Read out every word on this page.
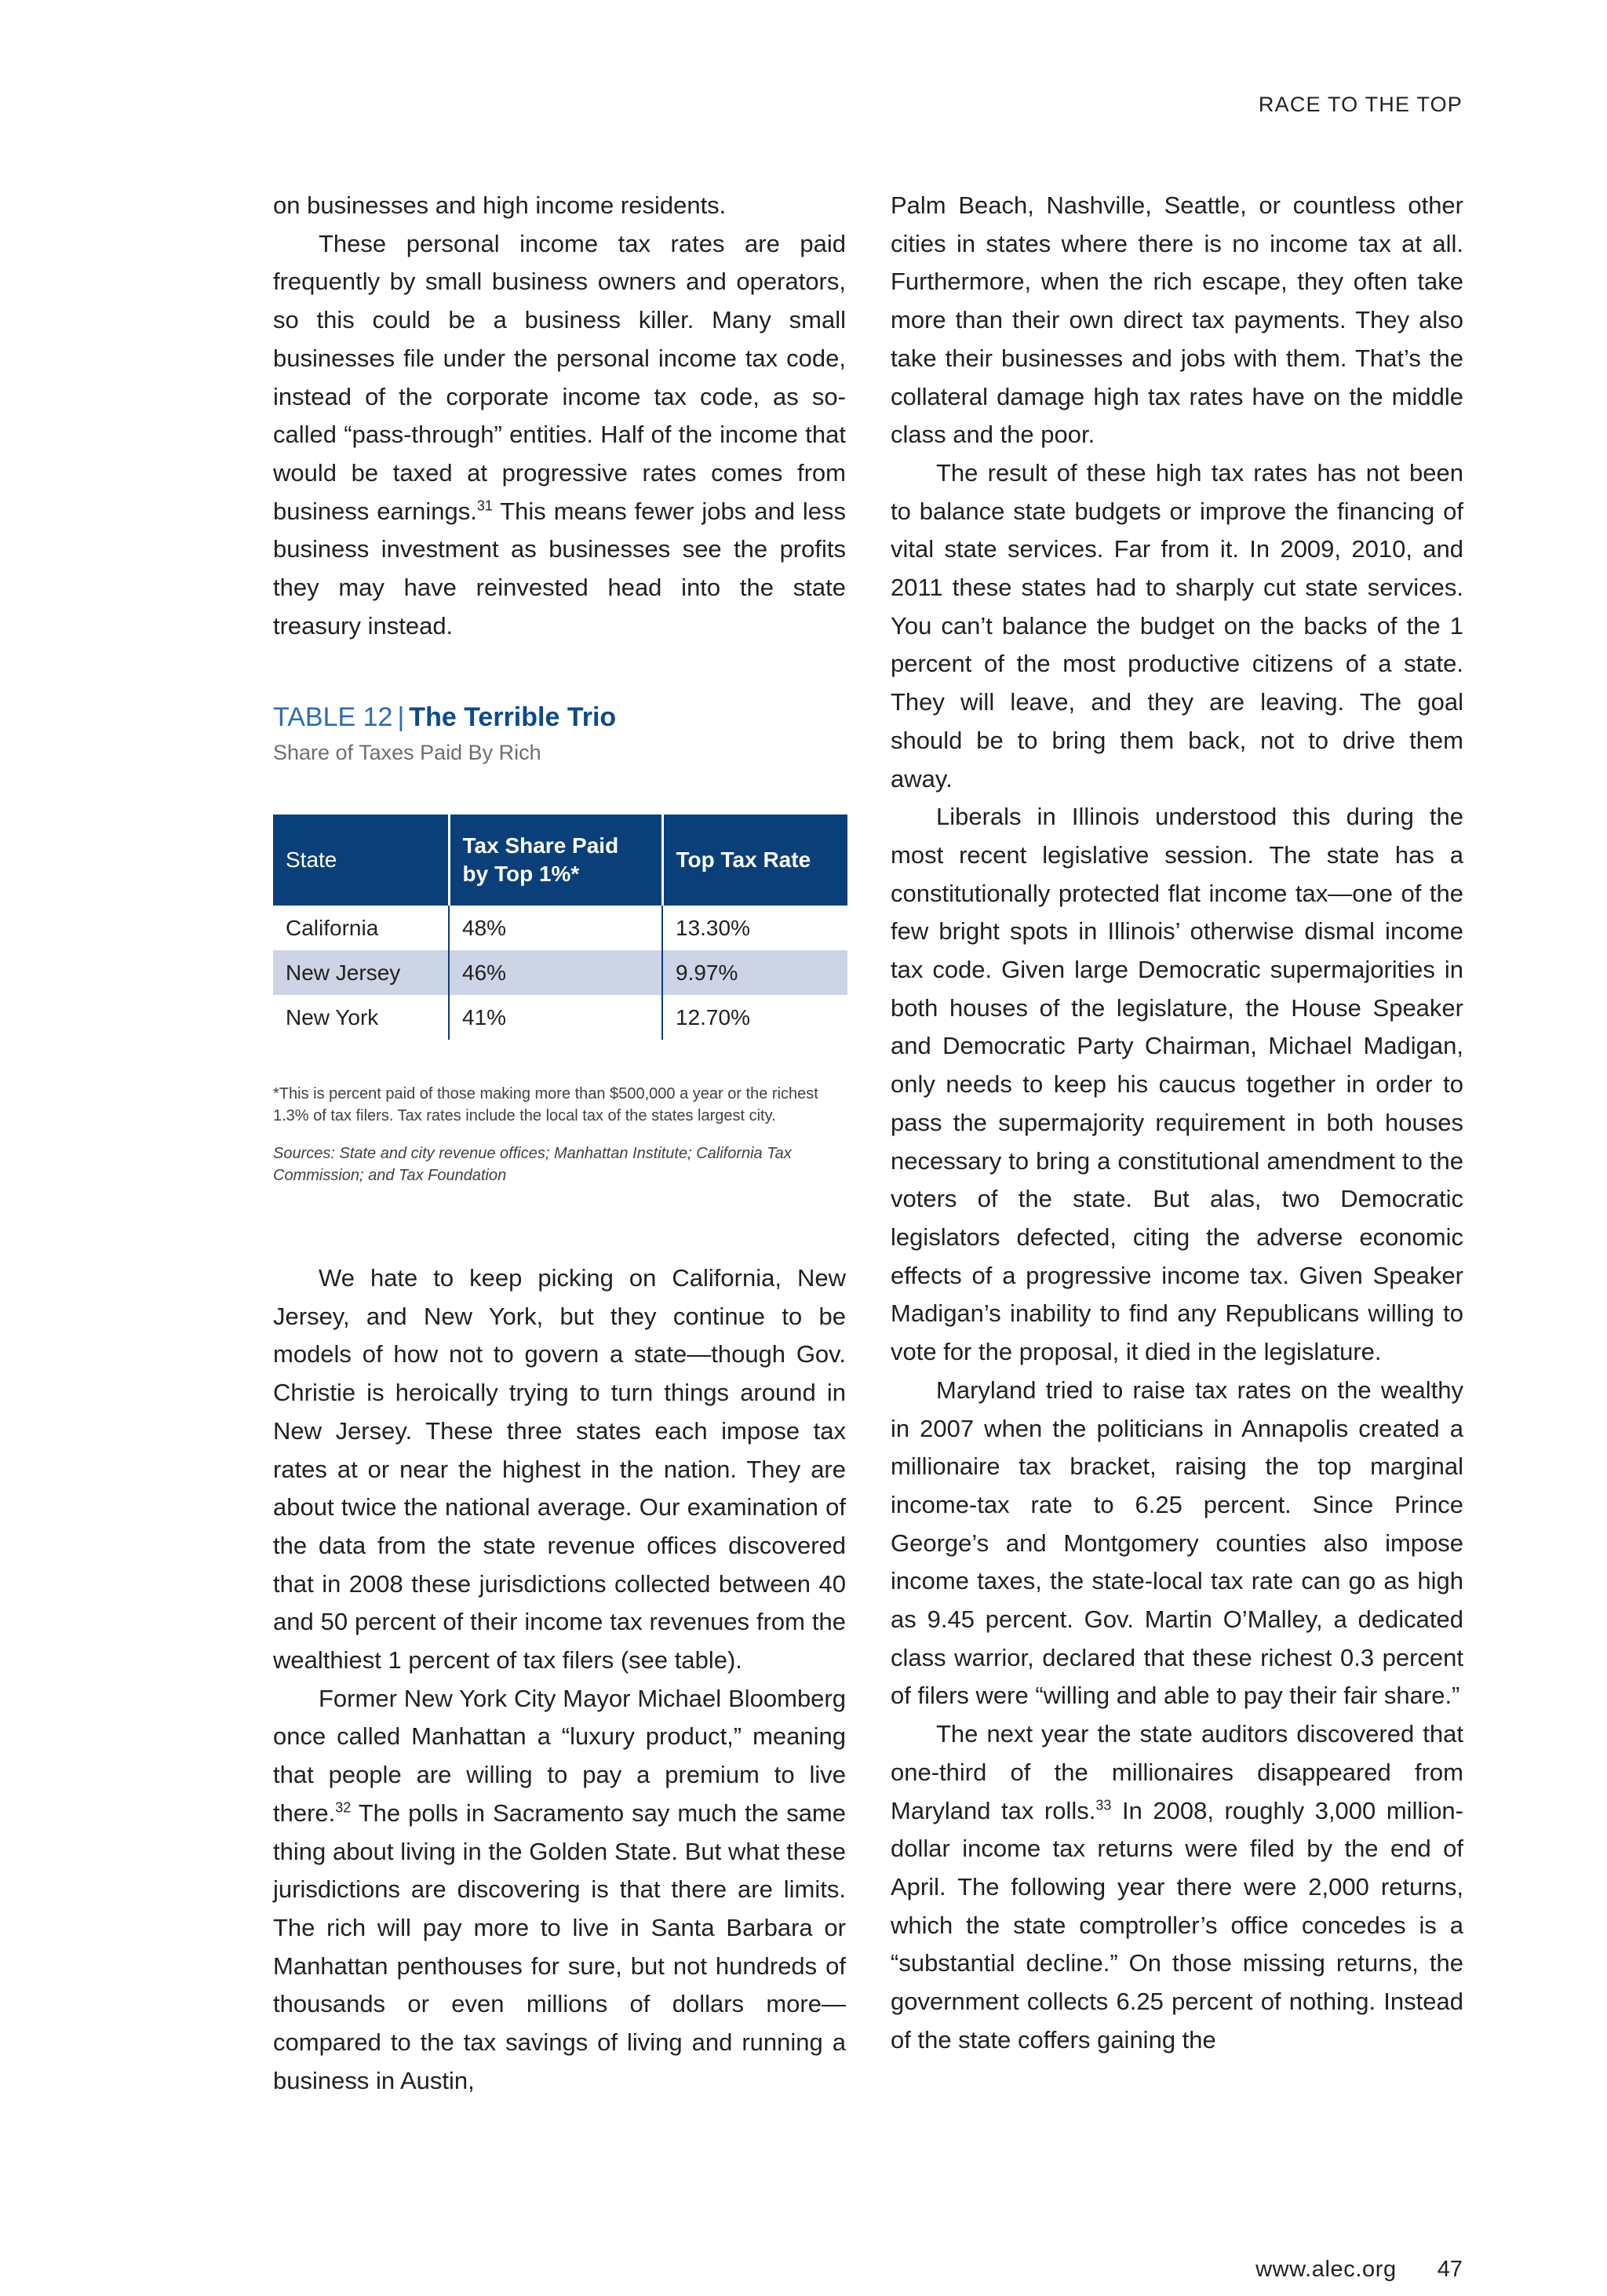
RACE TO THE TOP

on businesses and high income residents.

These personal income tax rates are paid frequently by small business owners and operators, so this could be a business killer. Many small businesses file under the personal income tax code, instead of the corporate income tax code, as so-called “pass-through” entities. Half of the income that would be taxed at progressive rates comes from business earnings.$^{31}$ This means fewer jobs and less business investment as businesses see the profits they may have reinvested head into the state treasury instead.

TABLE 12 | The Terrible Trio

Share of Taxes Paid By Rich

State	Tax Share Paid by Top 1%*	Top Tax Rate
California	48%	13.30%
New Jersey	46%	9.97%
New York	41%	12.70%

*This is percent paid of those making more than $500,000 a year or the richest 1.3% of tax filers. Tax rates include the local tax of the states largest city.

Sources: State and city revenue offices; Manhattan Institute; California Tax Commission; and Tax Foundation

We hate to keep picking on California, New Jersey, and New York, but they continue to be models of how not to govern a state—though Gov. Christie is heroically trying to turn things around in New Jersey. These three states each impose tax rates at or near the highest in the nation. They are about twice the national average. Our examination of the data from the state revenue offices discovered that in 2008 these jurisdictions collected between 40 and 50 percent of their income tax revenues from the wealthiest 1 percent of tax filers (see table).

Former New York City Mayor Michael Bloomberg once called Manhattan a “luxury product,” meaning that people are willing to pay a premium to live there.$^{32}$ The polls in Sacramento say much the same thing about living in the Golden State. But what these jurisdictions are discovering is that there are limits. The rich will pay more to live in Santa Barbara or Manhattan penthouses for sure, but not hundreds of thousands or even millions of dollars more—compared to the tax savings of living and running a business in Austin,

Palm Beach, Nashville, Seattle, or countless other cities in states where there is no income tax at all. Furthermore, when the rich escape, they often take more than their own direct tax payments. They also take their businesses and jobs with them. That’s the collateral damage high tax rates have on the middle class and the poor.

The result of these high tax rates has not been to balance state budgets or improve the financing of vital state services. Far from it. In 2009, 2010, and 2011 these states had to sharply cut state services. You can’t balance the budget on the backs of the 1 percent of the most productive citizens of a state. They will leave, and they are leaving. The goal should be to bring them back, not to drive them away.

Liberals in Illinois understood this during the most recent legislative session. The state has a constitutionally protected flat income tax—one of the few bright spots in Illinois’ otherwise dismal income tax code. Given large Democratic supermajorities in both houses of the legislature, the House Speaker and Democratic Party Chairman, Michael Madigan, only needs to keep his caucus together in order to pass the supermajority requirement in both houses necessary to bring a constitutional amendment to the voters of the state. But alas, two Democratic legislators defected, citing the adverse economic effects of a progressive income tax. Given Speaker Madigan’s inability to find any Republicans willing to vote for the proposal, it died in the legislature.

Maryland tried to raise tax rates on the wealthy in 2007 when the politicians in Annapolis created a millionaire tax bracket, raising the top marginal income-tax rate to 6.25 percent. Since Prince George’s and Montgomery counties also impose income taxes, the state-local tax rate can go as high as 9.45 percent. Gov. Martin O’Malley, a dedicated class warrior, declared that these richest 0.3 percent of filers were “willing and able to pay their fair share.”

The next year the state auditors discovered that one-third of the millionaires disappeared from Maryland tax rolls.$^{33}$ In 2008, roughly 3,000 million-dollar income tax returns were filed by the end of April. The following year there were 2,000 returns, which the state comptroller’s office concedes is a “substantial decline.” On those missing returns, the government collects 6.25 percent of nothing. Instead of the state coffers gaining the

www.alec.org 47
